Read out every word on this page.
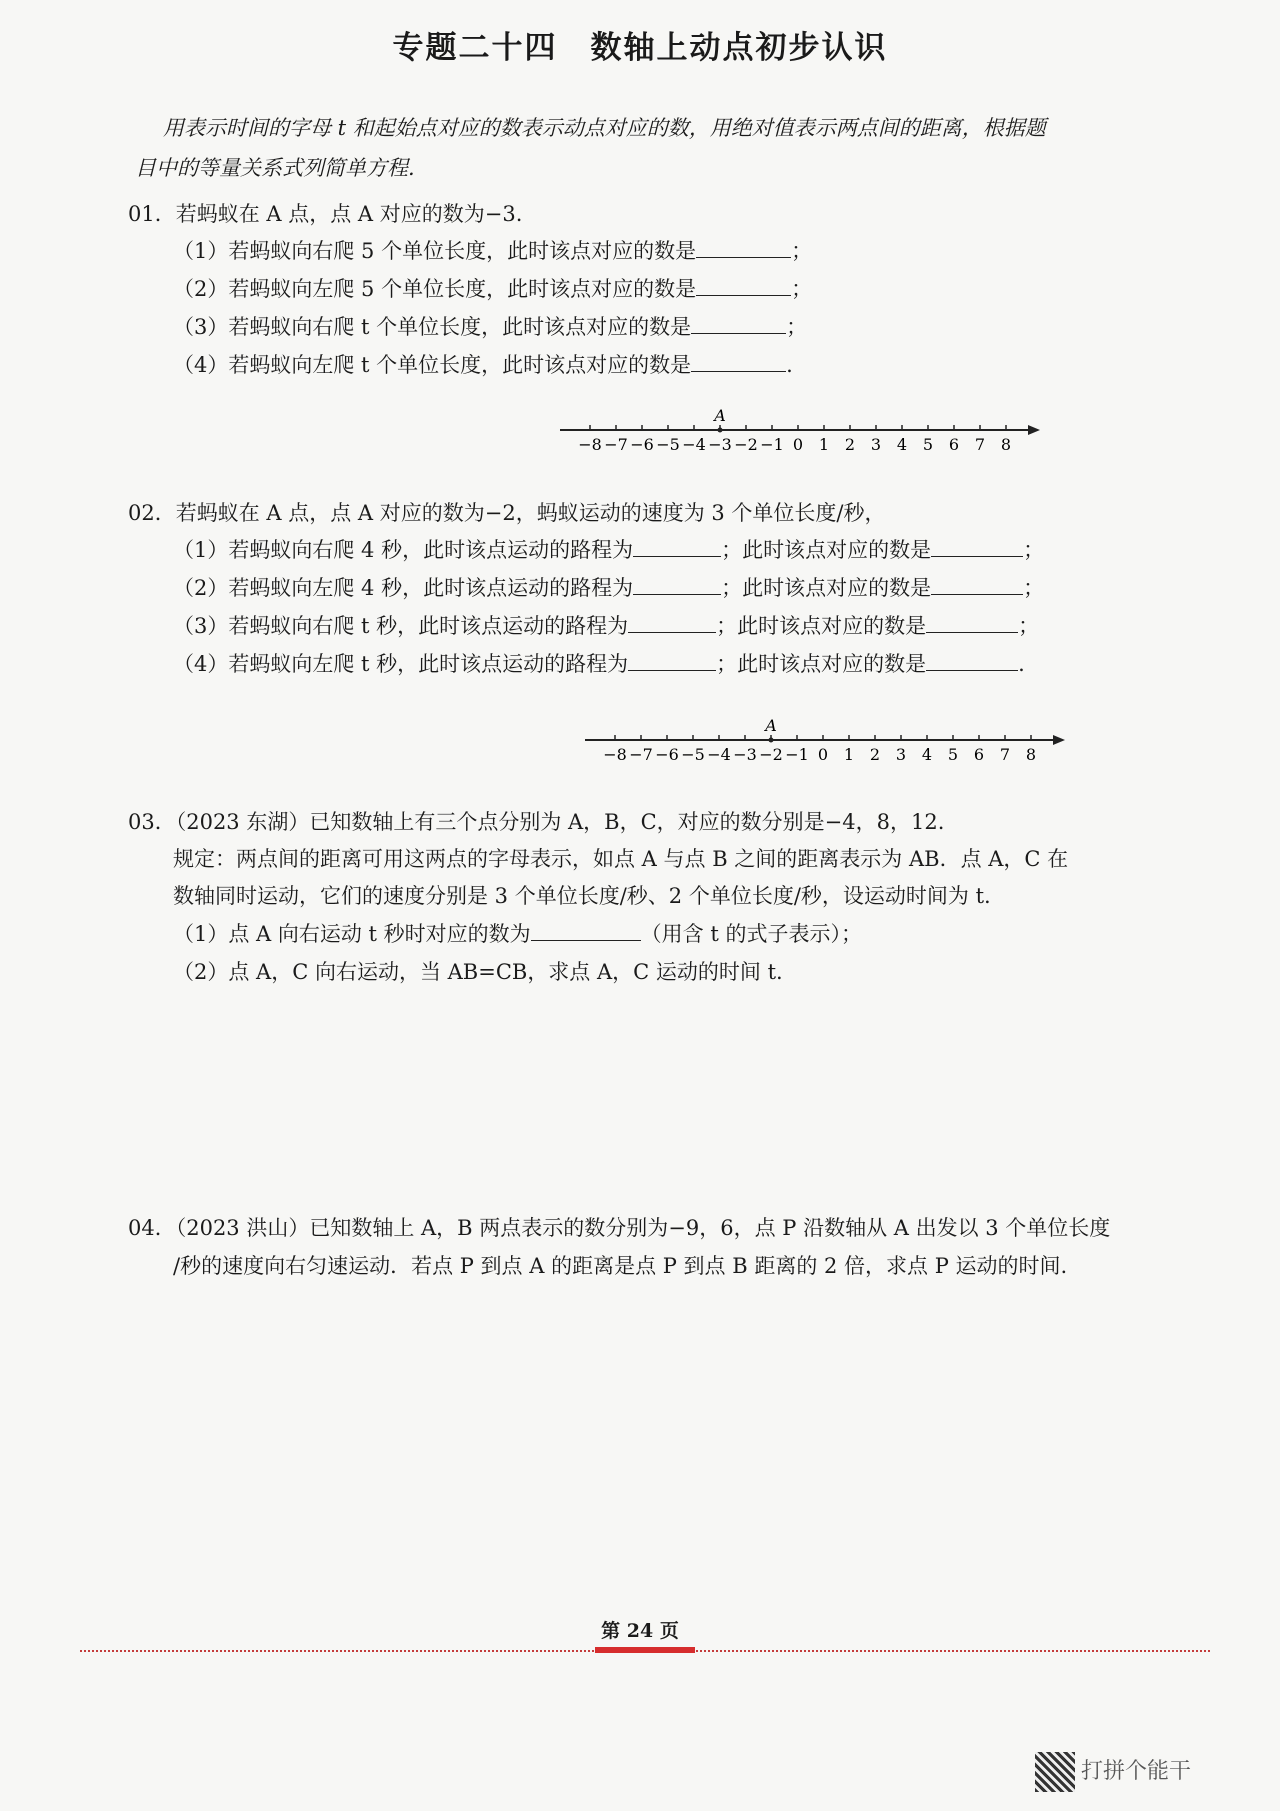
专题二十四　数轴上动点初步认识
用表示时间的字母 t 和起始点对应的数表示动点对应的数，用绝对值表示两点间的距离，根据题
目中的等量关系式列简单方程.
01．若蚂蚁在 A 点，点 A 对应的数为−3.
（1）若蚂蚁向右爬 5 个单位长度，此时该点对应的数是	；
（2）若蚂蚁向左爬 5 个单位长度，此时该点对应的数是	；
（3）若蚂蚁向右爬 t 个单位长度，此时该点对应的数是	；
（4）若蚂蚁向左爬 t 个单位长度，此时该点对应的数是	.
−8 −7 −6 −5 −4 −3 −2 −1 0 1 2 3 4 5 6 7 8
A
02．若蚂蚁在 A 点，点 A 对应的数为−2，蚂蚁运动的速度为 3 个单位长度/秒，
（1）若蚂蚁向右爬 4 秒，此时该点运动的路程为	；此时该点对应的数是	；
（2）若蚂蚁向左爬 4 秒，此时该点运动的路程为	；此时该点对应的数是	；
（3）若蚂蚁向右爬 t 秒，此时该点运动的路程为	；此时该点对应的数是	；
（4）若蚂蚁向左爬 t 秒，此时该点运动的路程为	；此时该点对应的数是	.
−8 −7 −6 −5 −4 −3 −2 −1 0 1 2 3 4 5 6 7 8
A
03．（2023 东湖）已知数轴上有三个点分别为 A，B，C，对应的数分别是−4，8，12.
规定：两点间的距离可用这两点的字母表示，如点 A 与点 B 之间的距离表示为 AB．点 A，C 在
数轴同时运动，它们的速度分别是 3 个单位长度/秒、2 个单位长度/秒，设运动时间为 t.
（1）点 A 向右运动 t 秒时对应的数为	（用含 t 的式子表示）；
（2）点 A，C 向右运动，当 AB=CB，求点 A，C 运动的时间 t.
04．（2023 洪山）已知数轴上 A，B 两点表示的数分别为−9，6，点 P 沿数轴从 A 出发以 3 个单位长度
/秒的速度向右匀速运动．若点 P 到点 A 的距离是点 P 到点 B 距离的 2 倍，求点 P 运动的时间.
第 24 页
打拼个能干
